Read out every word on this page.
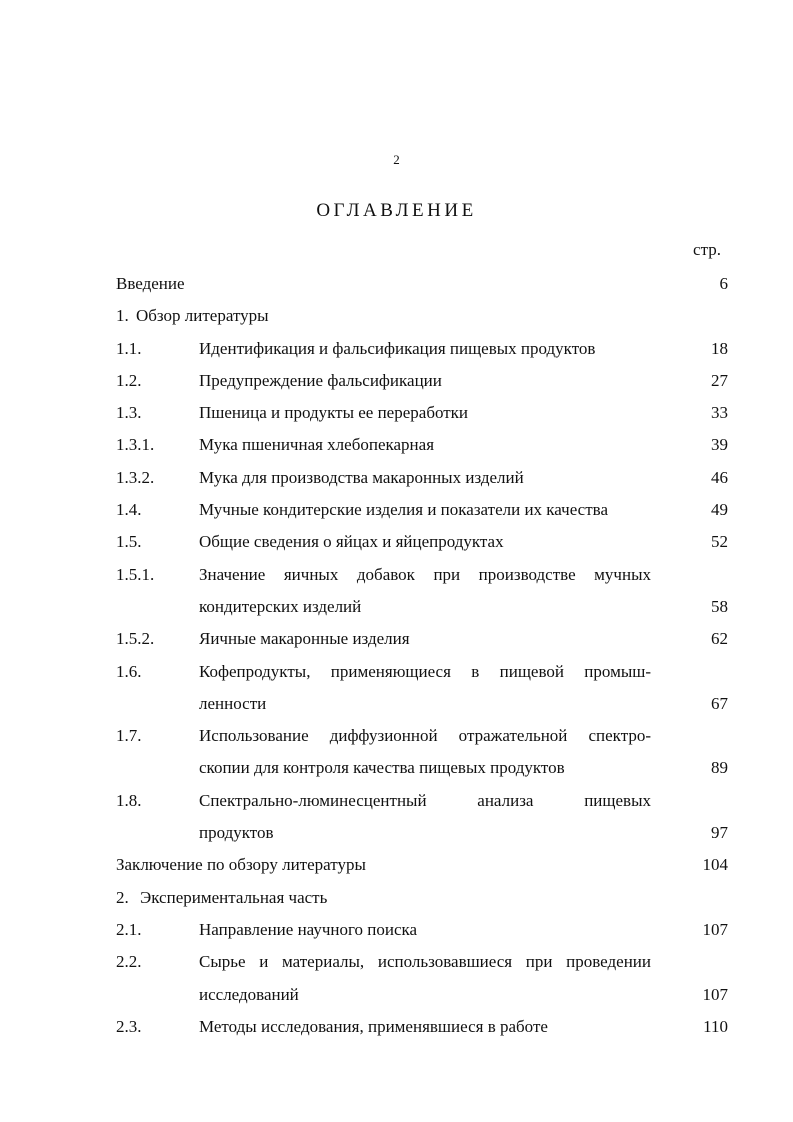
2
ОГЛАВЛЕНИЕ
стр.
Введение	6
1. Обзор литературы
1.1.	Идентификация и фальсификация пищевых продуктов	18
1.2.	Предупреждение фальсификации	27
1.3.	Пшеница и продукты ее переработки	33
1.3.1.	Мука пшеничная хлебопекарная	39
1.3.2.	Мука для производства макаронных изделий	46
1.4.	Мучные кондитерские изделия и показатели их качества	49
1.5.	Общие сведения о яйцах и яйцепродуктах	52
1.5.1.	Значение яичных добавок при производстве мучных
кондитерских изделий	58
1.5.2.	Яичные макаронные изделия	62
1.6.	Кофепродукты, применяющиеся в пищевой промыш-
ленности	67
1.7.	Использование диффузионной отражательной спектро-
скопии для контроля качества пищевых продуктов	89
1.8.	Спектрально-люминесцентный анализа пищевых
продуктов	97
Заключение по обзору литературы	104
2. Экспериментальная часть
2.1.	Направление научного поиска	107
2.2.	Сырье и материалы, использовавшиеся при проведении
исследований	107
2.3.	Методы исследования, применявшиеся в работе	110
